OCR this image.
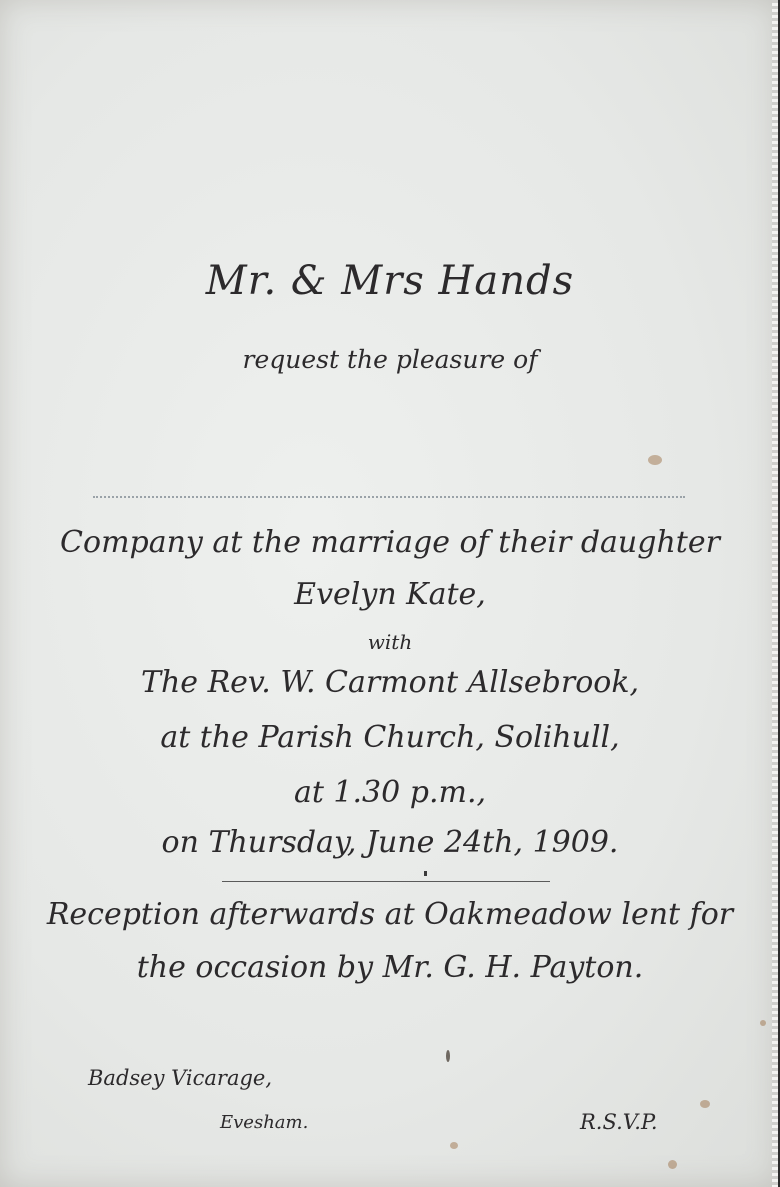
Mr. & Mrs Hands
request the pleasure of
Company at the marriage of their daughter
Evelyn Kate,
with
The Rev. W. Carmont Allsebrook,
at the Parish Church, Solihull,
at 1.30 p.m.,
on Thursday, June 24th, 1909.
Reception afterwards at Oakmeadow lent for
the occasion by Mr. G. H. Payton.
Badsey Vicarage,
Evesham.	R.S.V.P.
